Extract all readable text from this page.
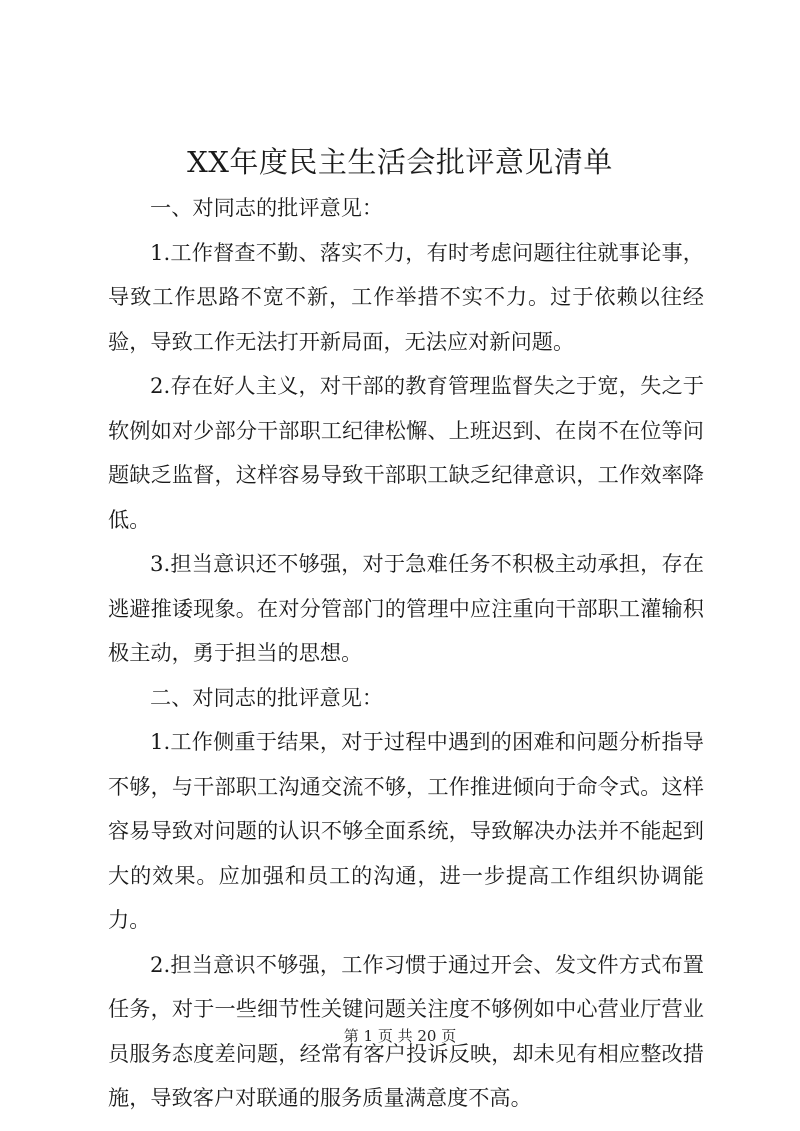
XX年度民主生活会批评意见清单

一、对同志的批评意见：

1.工作督查不勤、落实不力，有时考虑问题往往就事论事，导致工作思路不宽不新，工作举措不实不力。过于依赖以往经验，导致工作无法打开新局面，无法应对新问题。

2.存在好人主义，对干部的教育管理监督失之于宽，失之于软例如对少部分干部职工纪律松懈、上班迟到、在岗不在位等问题缺乏监督，这样容易导致干部职工缺乏纪律意识，工作效率降低。

3.担当意识还不够强，对于急难任务不积极主动承担，存在逃避推诿现象。在对分管部门的管理中应注重向干部职工灌输积极主动，勇于担当的思想。

二、对同志的批评意见：

1.工作侧重于结果，对于过程中遇到的困难和问题分析指导不够，与干部职工沟通交流不够，工作推进倾向于命令式。这样容易导致对问题的认识不够全面系统，导致解决办法并不能起到大的效果。应加强和员工的沟通，进一步提高工作组织协调能力。

2.担当意识不够强，工作习惯于通过开会、发文件方式布置任务，对于一些细节性关键问题关注度不够例如中心营业厅营业员服务态度差问题，经常有客户投诉反映，却未见有相应整改措施，导致客户对联通的服务质量满意度不高。

第 1 页 共 20 页
